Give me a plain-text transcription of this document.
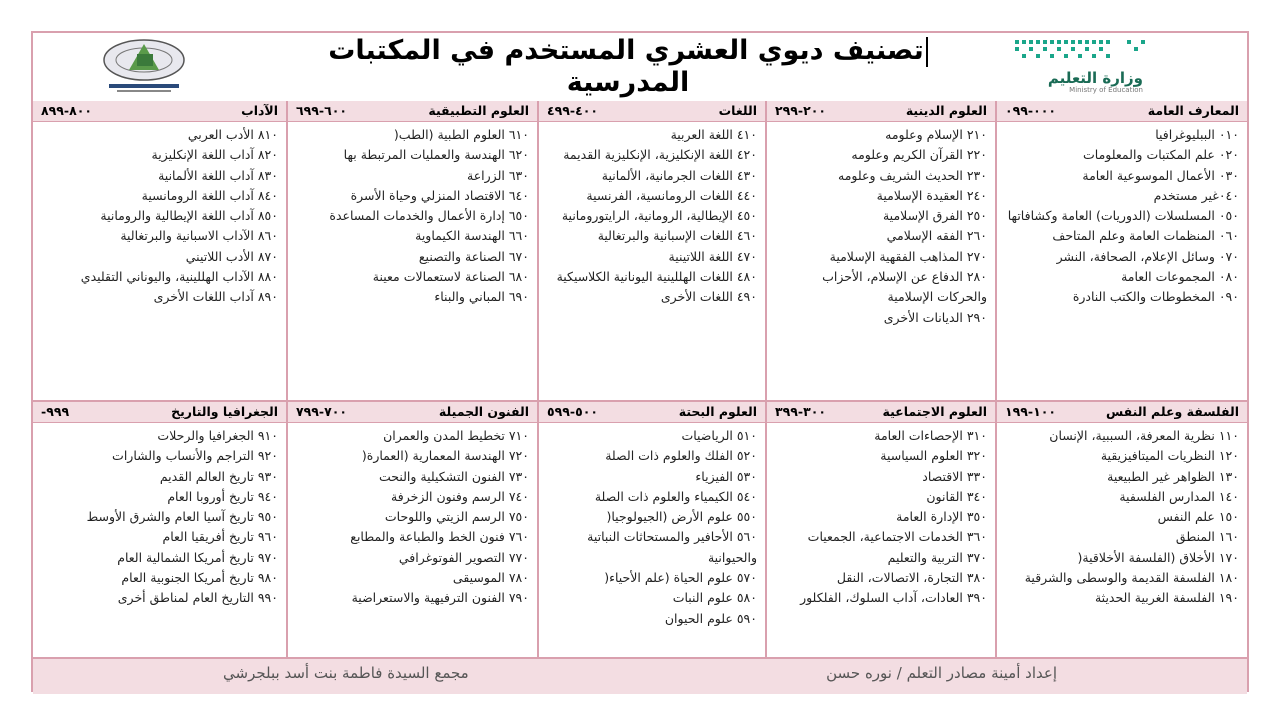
تصنيف ديوي العشري المستخدم في المكتبات المدرسية	وزارة التعليم
Ministry of Education
المعارف العامة
٠٠٠-٠٩٩
٠١٠ الببليوغرافيا
٠٢٠ علم المكتبات والمعلومات
٠٣٠ الأعمال الموسوعية العامة
٠٤٠غير مستخدم
٠٥٠ المسلسلات (الدوريات) العامة وكشافاتها
٠٦٠ المنظمات العامة وعلم المتاحف
٠٧٠ وسائل الإعلام، الصحافة، النشر
٠٨٠ المجموعات العامة
٠٩٠ المخطوطات والكتب النادرة
العلوم الدينية
٢٠٠-٢٩٩
٢١٠ الإسلام وعلومه
٢٢٠ القرآن الكريم وعلومه
٢٣٠ الحديث الشريف وعلومه
٢٤٠ العقيدة الإسلامية
٢٥٠ الفرق الإسلامية
٢٦٠ الفقه الإسلامي
٢٧٠ المذاهب الفقهية الإسلامية
٢٨٠ الدفاع عن الإسلام، الأحزاب والحركات الإسلامية
٢٩٠ الديانات الأخرى
اللغات
٤٠٠-٤٩٩
٤١٠ اللغة العربية
٤٢٠ اللغة الإنكليزية، الإنكليزية القديمة
٤٣٠ اللغات الجرمانية، الألمانية
٤٤٠ اللغات الرومانسية، الفرنسية
٤٥٠ الإيطالية، الرومانية، الرايتورومانية
٤٦٠ اللغات الإسبانية والبرتغالية
٤٧٠ اللغة اللاتينية
٤٨٠ اللغات الهللينية اليونانية الكلاسيكية
٤٩٠ اللغات الأخرى
العلوم التطبيقية
٦٠٠-٦٩٩
٦١٠ العلوم الطبية (الطب(
٦٢٠ الهندسة والعمليات المرتبطة بها
٦٣٠ الزراعة
٦٤٠ الاقتصاد المنزلي وحياة الأسرة
٦٥٠ إدارة الأعمال والخدمات المساعدة
٦٦٠ الهندسة الكيماوية
٦٧٠ الصناعة والتصنيع
٦٨٠ الصناعة لاستعمالات معينة
٦٩٠ المباني والبناء
الآداب
٨٠٠-٨٩٩
٨١٠ الأدب العربي
٨٢٠ آداب اللغة الإنكليزية
٨٣٠ آداب اللغة الألمانية
٨٤٠ آداب اللغة الرومانسية
٨٥٠ آداب اللغة الإيطالية والرومانية
٨٦٠ الآداب الاسبانية والبرتغالية
٨٧٠ الأدب اللاتيني
٨٨٠ الآداب الهللينية، واليوناني التقليدي
٨٩٠ آداب اللغات الأخرى
الفلسفة وعلم النفس
١٠٠-١٩٩
١١٠ نظرية المعرفة، السببية، الإنسان
١٢٠ النظريات الميتافيزيقية
١٣٠ الظواهر غير الطبيعية
١٤٠ المدارس الفلسفية
١٥٠ علم النفس
١٦٠ المنطق
١٧٠ الأخلاق (الفلسفة الأخلاقية(
١٨٠ الفلسفة القديمة والوسطى والشرقية
١٩٠ الفلسفة الغربية الحديثة
العلوم الاجتماعية
٣٠٠-٣٩٩
٣١٠ الإحصاءات العامة
٣٢٠ العلوم السياسية
٣٣٠ الاقتصاد
٣٤٠ القانون
٣٥٠ الإدارة العامة
٣٦٠ الخدمات الاجتماعية، الجمعيات
٣٧٠ التربية والتعليم
٣٨٠ التجارة، الاتصالات، النقل
٣٩٠ العادات، آداب السلوك، الفلكلور
العلوم البحتة
٥٠٠-٥٩٩
٥١٠ الرياضيات
٥٢٠ الفلك والعلوم ذات الصلة
٥٣٠ الفيزياء
٥٤٠ الكيمياء والعلوم ذات الصلة
٥٥٠ علوم الأرض (الجيولوجيا(
٥٦٠ الأحافير والمستحاثات النباتية والحيوانية
٥٧٠ علوم الحياة (علم الأحياء(
٥٨٠ علوم النبات
٥٩٠ علوم الحيوان
الفنون الجميلة
٧٠٠-٧٩٩
٧١٠ تخطيط المدن والعمران
٧٢٠ الهندسة المعمارية (العمارة(
٧٣٠ الفنون التشكيلية والنحت
٧٤٠ الرسم وفنون الزخرفة
٧٥٠ الرسم الزيتي واللوحات
٧٦٠ فنون الخط والطباعة والمطابع
٧٧٠ التصوير الفوتوغرافي
٧٨٠ الموسيقى
٧٩٠ الفنون الترفيهية والاستعراضية
الجغرافيا والتاريخ
٩٩٩-
٩١٠ الجغرافيا والرحلات
٩٢٠ التراجم والأنساب والشارات
٩٣٠ تاريخ العالم القديم
٩٤٠ تاريخ أوروبا العام
٩٥٠ تاريخ آسيا العام والشرق الأوسط
٩٦٠ تاريخ أفريقيا العام
٩٧٠ تاريخ أمريكا الشمالية العام
٩٨٠ تاريخ أمريكا الجنوبية العام
٩٩٠ التاريخ العام لمناطق أخرى
إعداد أمينة مصادر التعلم / نوره حسن
مجمع السيدة فاطمة بنت أسد ببلجرشي
